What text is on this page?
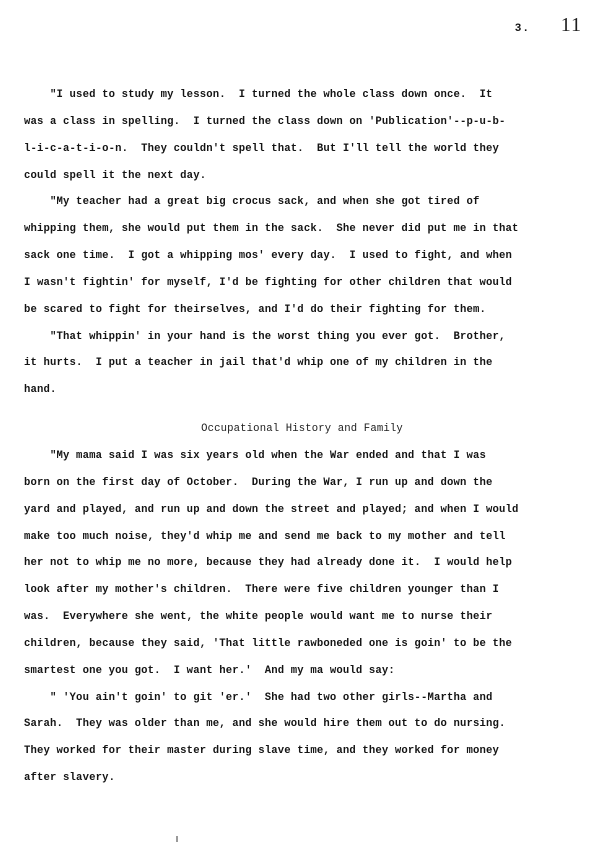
3. 11

"I used to study my lesson.  I turned the whole class down once.  It

was a class in spelling.  I turned the class down on 'Publication'--p-u-b-

l-i-c-a-t-i-o-n.  They couldn't spell that.  But I'll tell the world they

could spell it the next day.

"My teacher had a great big crocus sack, and when she got tired of

whipping them, she would put them in the sack.  She never did put me in that

sack one time.  I got a whipping mos' every day.  I used to fight, and when

I wasn't fightin' for myself, I'd be fighting for other children that would

be scared to fight for theirselves, and I'd do their fighting for them.

"That whippin' in your hand is the worst thing you ever got.  Brother,

it hurts.  I put a teacher in jail that'd whip one of my children in the

hand.

Occupational History and Family

"My mama said I was six years old when the War ended and that I was

born on the first day of October.  During the War, I run up and down the

yard and played, and run up and down the street and played; and when I would

make too much noise, they'd whip me and send me back to my mother and tell

her not to whip me no more, because they had already done it.  I would help

look after my mother's children.  There were five children younger than I

was.  Everywhere she went, the white people would want me to nurse their

children, because they said, 'That little rawboneded one is goin' to be the

smartest one you got.  I want her.'  And my ma would say:

" 'You ain't goin' to git 'er.'  She had two other girls--Martha and

Sarah.  They was older than me, and she would hire them out to do nursing.

They worked for their master during slave time, and they worked for money

after slavery.
